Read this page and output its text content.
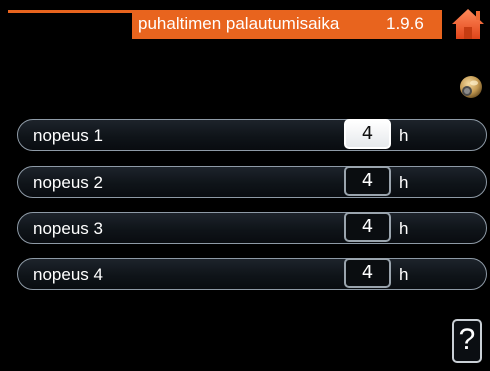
puhaltimen palautumisaika	1.9.6
nopeus 1	4	h
nopeus 2	4	h
nopeus 3	4	h
nopeus 4	4	h
?
